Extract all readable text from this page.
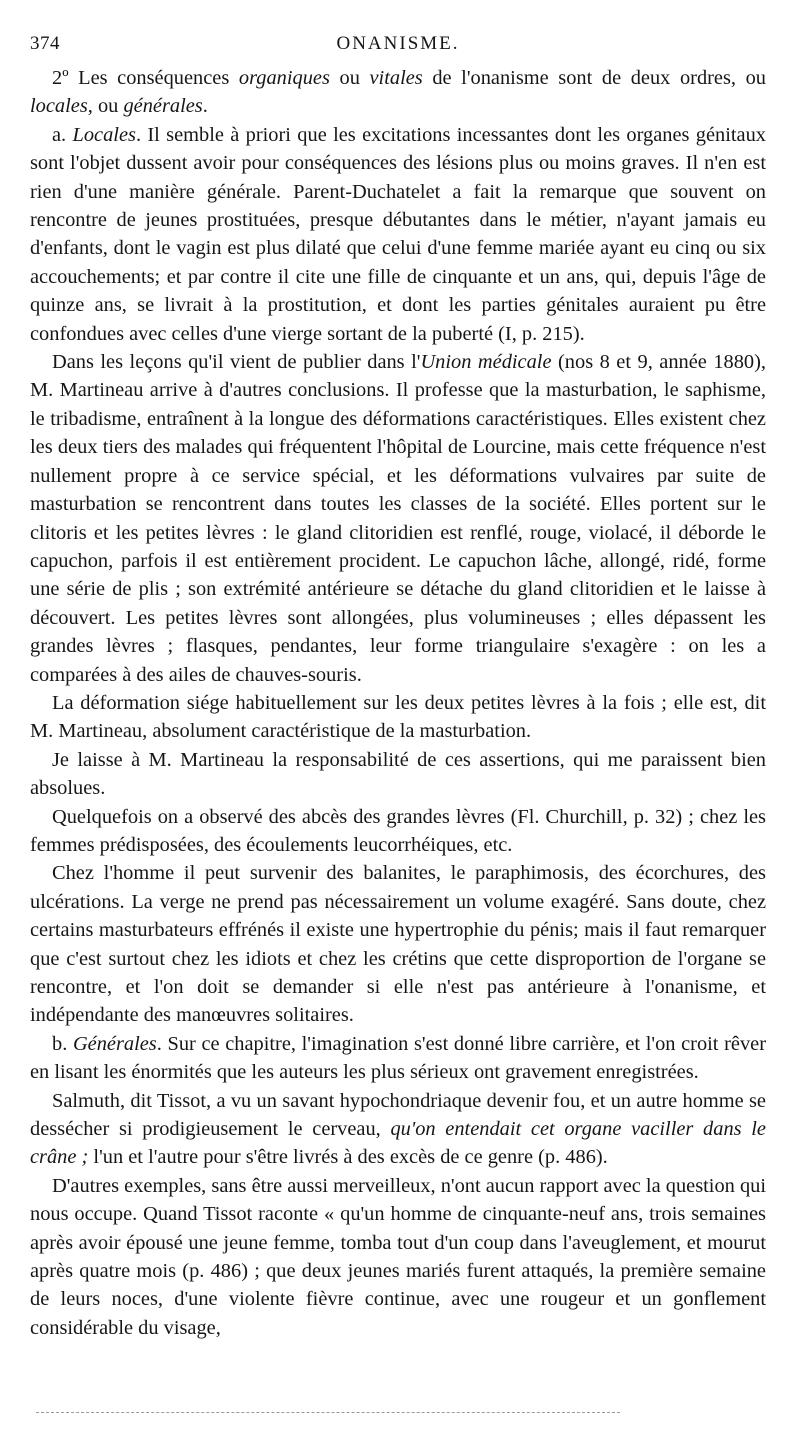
374	ONANISME.

2º Les conséquences organiques ou vitales de l'onanisme sont de deux ordres, ou locales, ou générales.

a. Locales. Il semble à priori que les excitations incessantes dont les organes génitaux sont l'objet dussent avoir pour conséquences des lésions plus ou moins graves. Il n'en est rien d'une manière générale. Parent-Duchatelet a fait la remarque que souvent on rencontre de jeunes prostituées, presque débutantes dans le métier, n'ayant jamais eu d'enfants, dont le vagin est plus dilaté que celui d'une femme mariée ayant eu cinq ou six accouchements; et par contre il cite une fille de cinquante et un ans, qui, depuis l'âge de quinze ans, se livrait à la prostitution, et dont les parties génitales auraient pu être confondues avec celles d'une vierge sortant de la puberté (I, p. 215).

Dans les leçons qu'il vient de publier dans l'Union médicale (nos 8 et 9, année 1880), M. Martineau arrive à d'autres conclusions. Il professe que la masturbation, le saphisme, le tribadisme, entraînent à la longue des déformations caractéristiques. Elles existent chez les deux tiers des malades qui fréquentent l'hôpital de Lourcine, mais cette fréquence n'est nullement propre à ce service spécial, et les déformations vulvaires par suite de masturbation se rencontrent dans toutes les classes de la société. Elles portent sur le clitoris et les petites lèvres : le gland clitoridien est renflé, rouge, violacé, il déborde le capuchon, parfois il est entièrement procident. Le capuchon lâche, allongé, ridé, forme une série de plis ; son extrémité antérieure se détache du gland clitoridien et le laisse à découvert. Les petites lèvres sont allongées, plus volumineuses ; elles dépassent les grandes lèvres ; flasques, pendantes, leur forme triangulaire s'exagère : on les a comparées à des ailes de chauves-souris.

La déformation siége habituellement sur les deux petites lèvres à la fois ; elle est, dit M. Martineau, absolument caractéristique de la masturbation.

Je laisse à M. Martineau la responsabilité de ces assertions, qui me paraissent bien absolues.

Quelquefois on a observé des abcès des grandes lèvres (Fl. Churchill, p. 32) ; chez les femmes prédisposées, des écoulements leucorrhéiques, etc.

Chez l'homme il peut survenir des balanites, le paraphimosis, des écorchures, des ulcérations. La verge ne prend pas nécessairement un volume exagéré. Sans doute, chez certains masturbateurs effrénés il existe une hypertrophie du pénis; mais il faut remarquer que c'est surtout chez les idiots et chez les crétins que cette disproportion de l'organe se rencontre, et l'on doit se demander si elle n'est pas antérieure à l'onanisme, et indépendante des manœuvres solitaires.

b. Générales. Sur ce chapitre, l'imagination s'est donné libre carrière, et l'on croit rêver en lisant les énormités que les auteurs les plus sérieux ont gravement enregistrées.

Salmuth, dit Tissot, a vu un savant hypochondriaque devenir fou, et un autre homme se dessécher si prodigieusement le cerveau, qu'on entendait cet organe vaciller dans le crâne ; l'un et l'autre pour s'être livrés à des excès de ce genre (p. 486).

D'autres exemples, sans être aussi merveilleux, n'ont aucun rapport avec la question qui nous occupe. Quand Tissot raconte « qu'un homme de cinquante-neuf ans, trois semaines après avoir épousé une jeune femme, tomba tout d'un coup dans l'aveuglement, et mourut après quatre mois (p. 486) ; que deux jeunes mariés furent attaqués, la première semaine de leurs noces, d'une violente fièvre continue, avec une rougeur et un gonflement considérable du visage,
